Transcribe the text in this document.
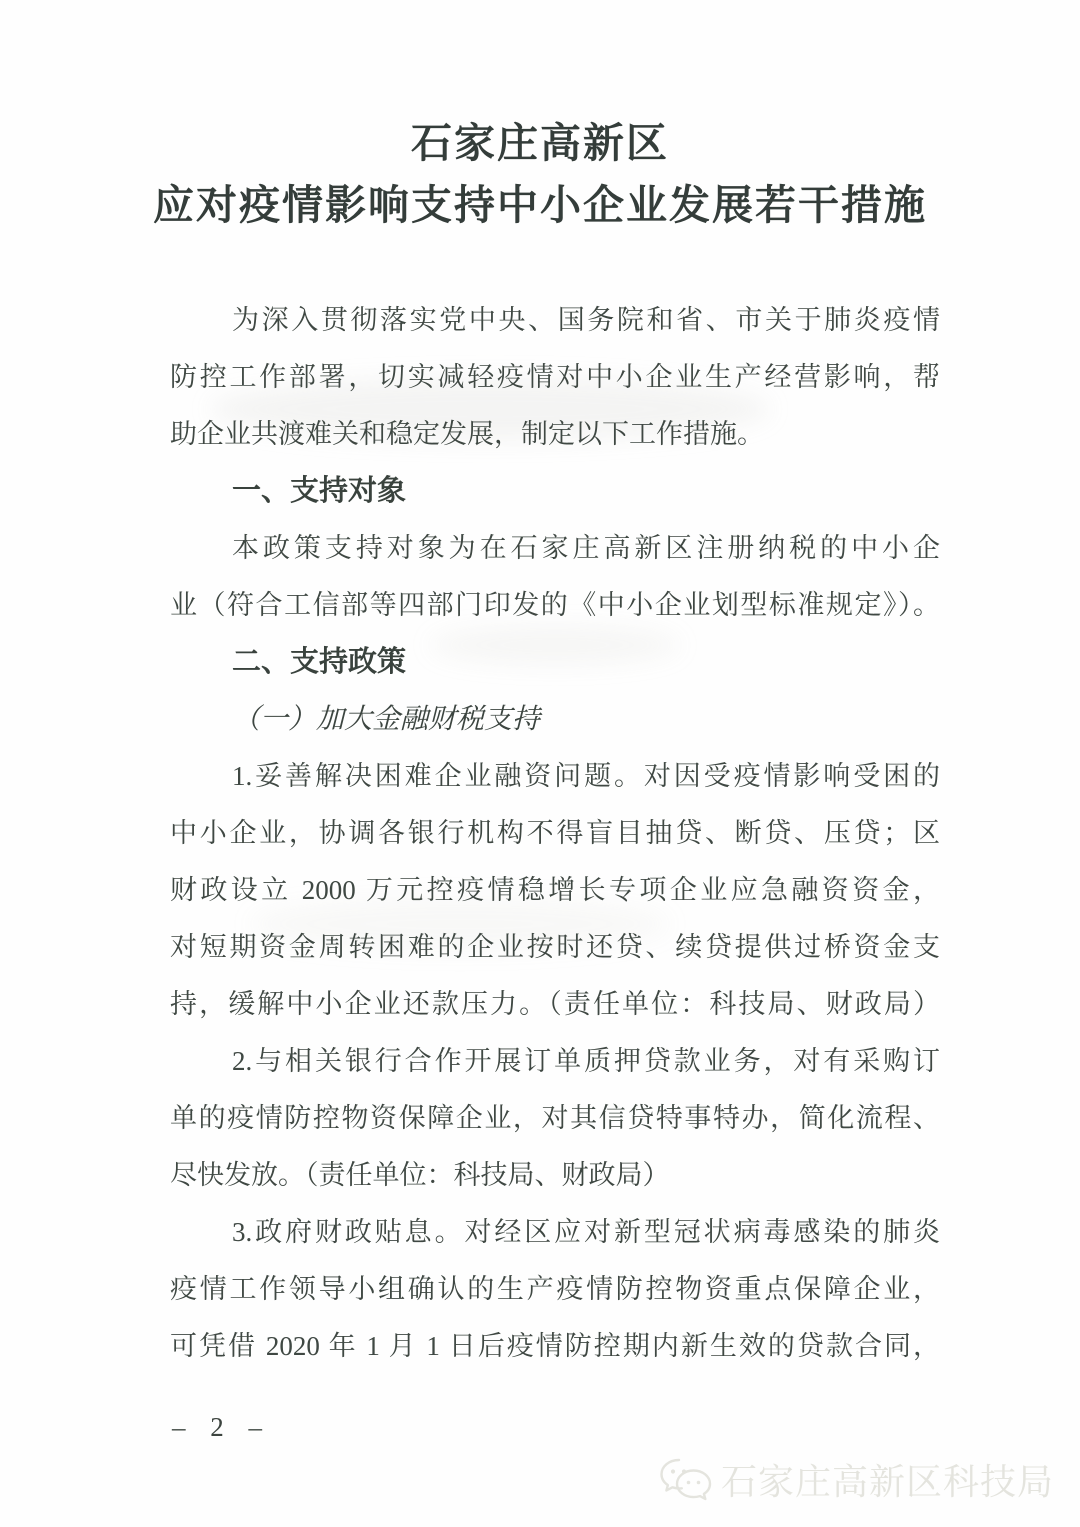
石家庄高新区
应对疫情影响支持中小企业发展若干措施
为深入贯彻落实党中央、国务院和省、市关于肺炎疫情
防控工作部署，切实减轻疫情对中小企业生产经营影响，帮
助企业共渡难关和稳定发展，制定以下工作措施。
一、支持对象
本政策支持对象为在石家庄高新区注册纳税的中小企
业（符合工信部等四部门印发的《中小企业划型标准规定》）。
二、支持政策
（一）加大金融财税支持
1.妥善解决困难企业融资问题。对因受疫情影响受困的
中小企业，协调各银行机构不得盲目抽贷、断贷、压贷；区
财政设立 2000 万元控疫情稳增长专项企业应急融资资金，
对短期资金周转困难的企业按时还贷、续贷提供过桥资金支
持，缓解中小企业还款压力。（责任单位：科技局、财政局）
2.与相关银行合作开展订单质押贷款业务，对有采购订
单的疫情防控物资保障企业，对其信贷特事特办，简化流程、
尽快发放。（责任单位：科技局、财政局）
3.政府财政贴息。对经区应对新型冠状病毒感染的肺炎
疫情工作领导小组确认的生产疫情防控物资重点保障企业，
可凭借 2020 年 1 月 1 日后疫情防控期内新生效的贷款合同，
– 2 –
石家庄高新区科技局
